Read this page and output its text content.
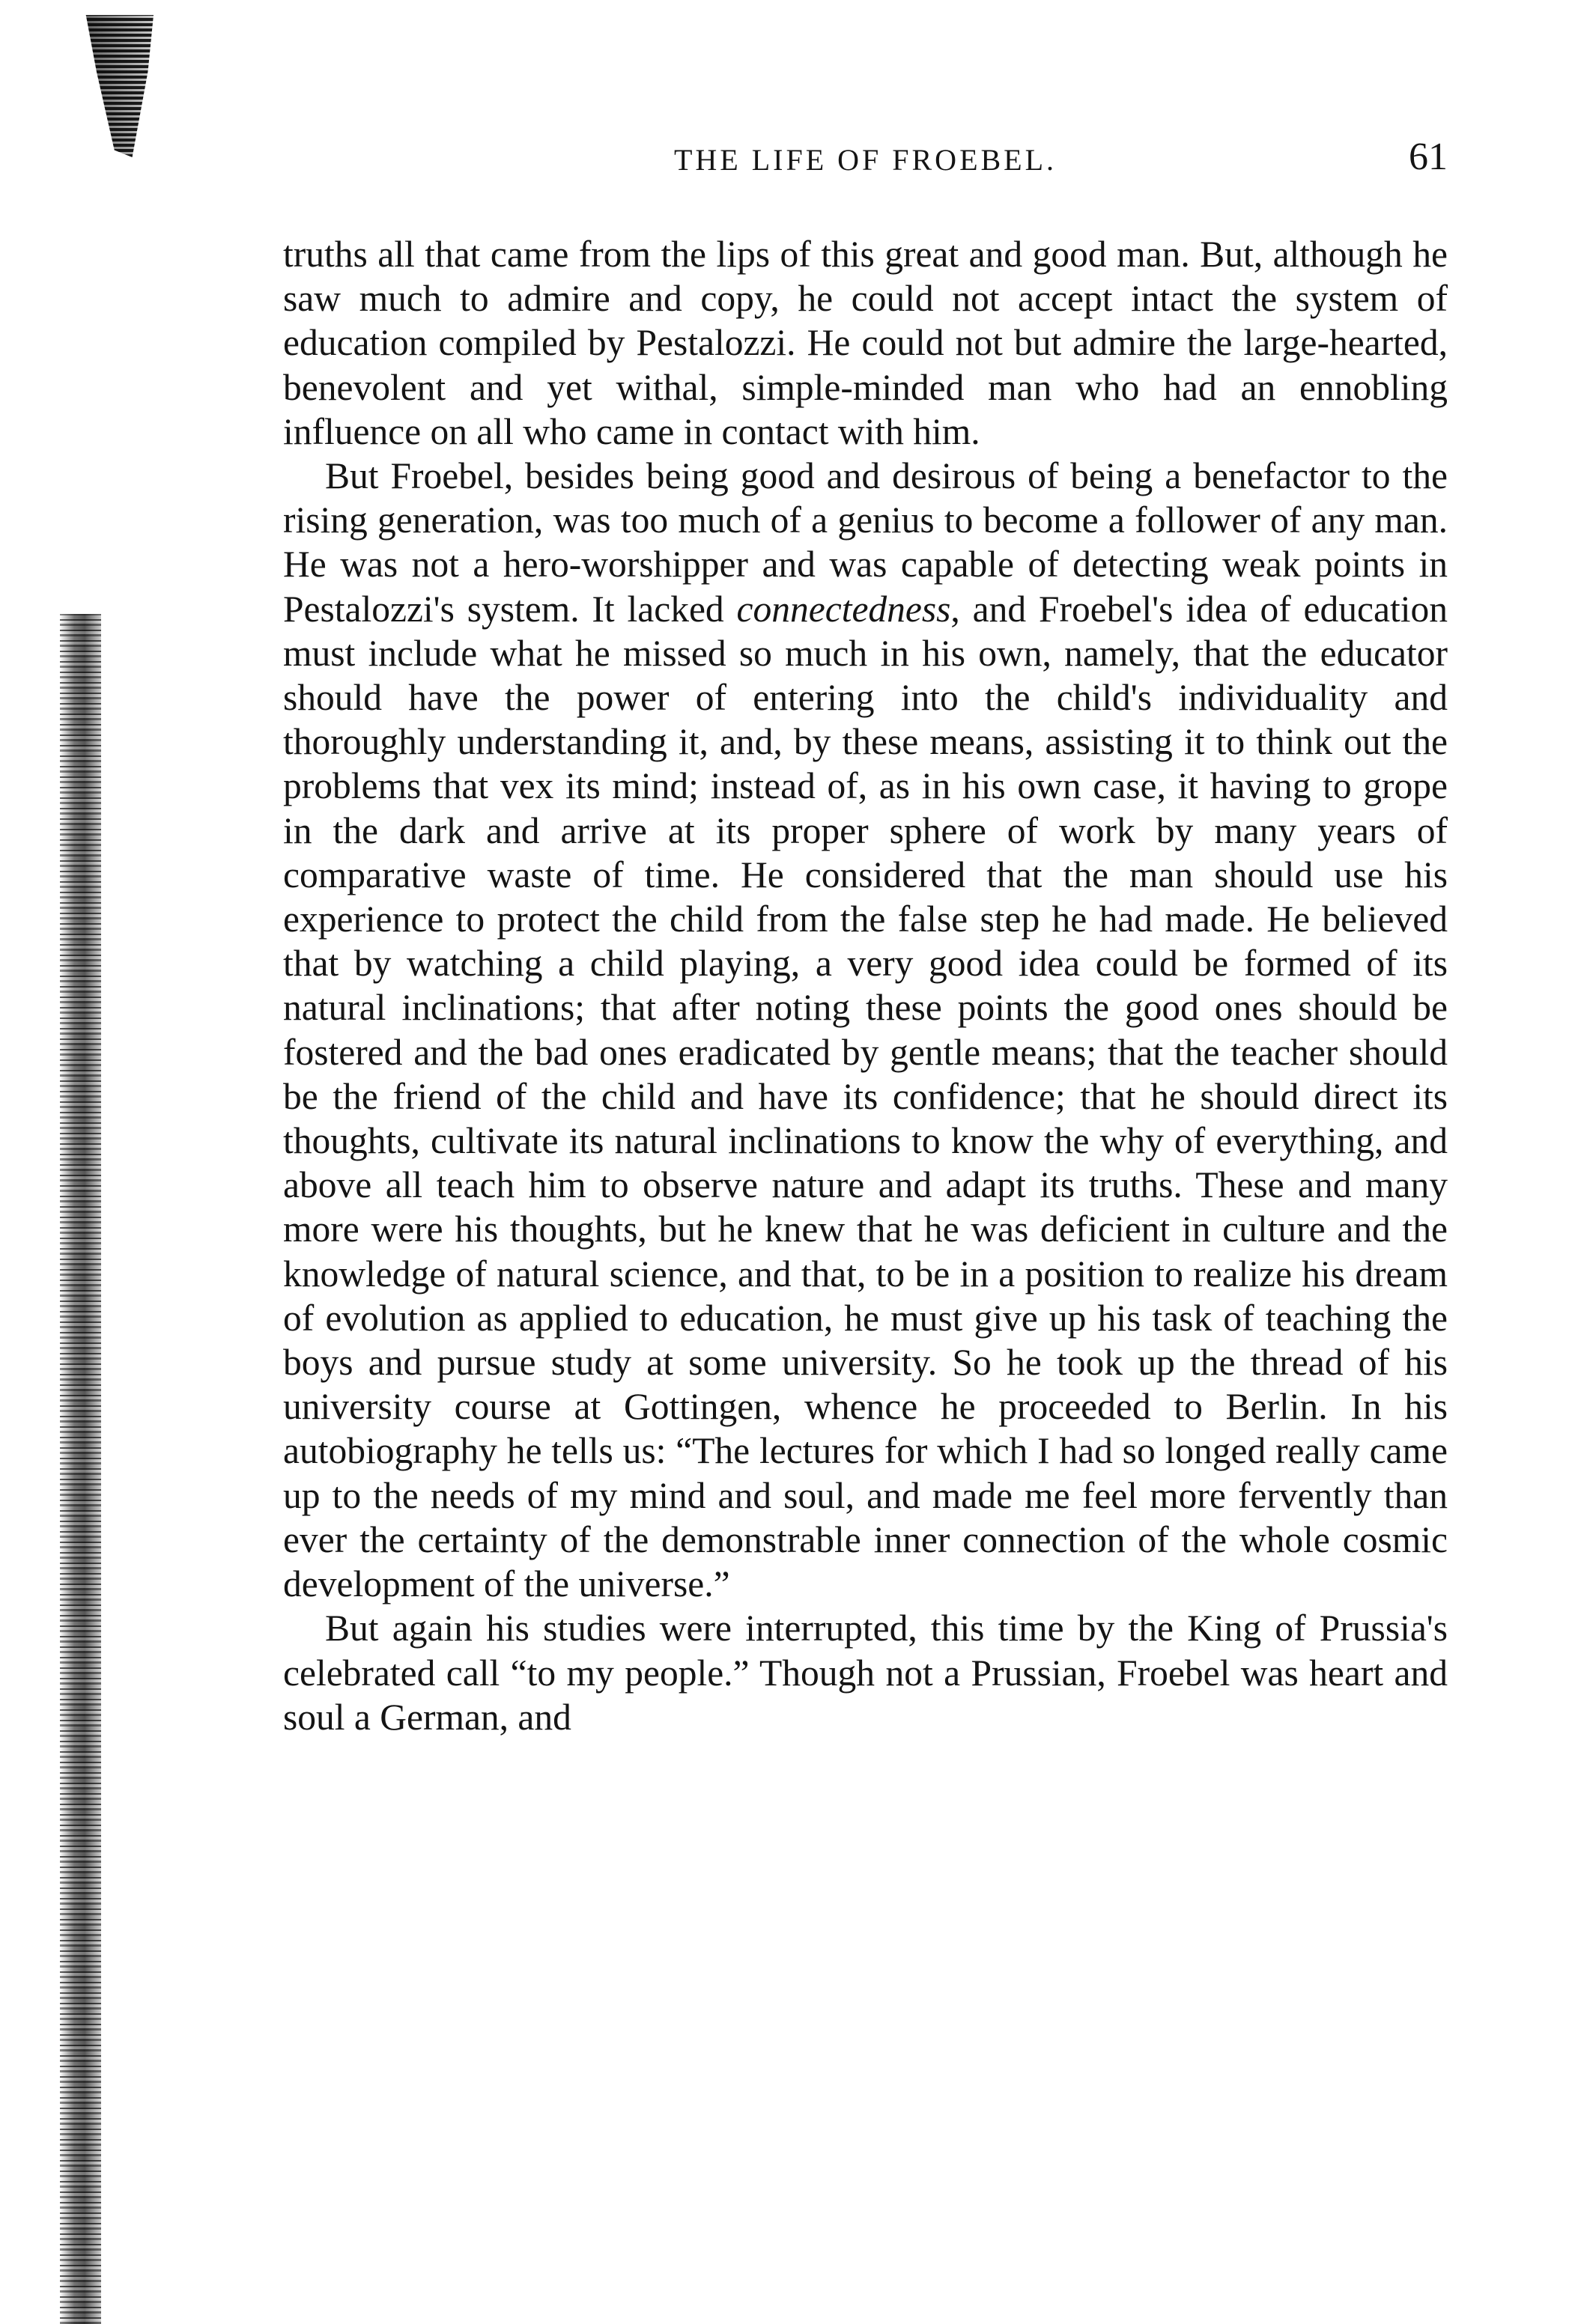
THE LIFE OF FROEBEL.	61

truths all that came from the lips of this great and good man. But, although he saw much to admire and copy, he could not accept intact the system of education compiled by Pestalozzi. He could not but admire the large-hearted, benevolent and yet withal, simple-minded man who had an ennobling influence on all who came in contact with him.

But Froebel, besides being good and desirous of being a benefactor to the rising generation, was too much of a genius to become a follower of any man. He was not a hero-worshipper and was capable of detecting weak points in Pestalozzi's system. It lacked connectedness, and Froebel's idea of education must include what he missed so much in his own, namely, that the educator should have the power of entering into the child's individuality and thoroughly understanding it, and, by these means, assisting it to think out the problems that vex its mind; instead of, as in his own case, it having to grope in the dark and arrive at its proper sphere of work by many years of comparative waste of time. He considered that the man should use his experience to protect the child from the false step he had made. He believed that by watching a child playing, a very good idea could be formed of its natural inclinations; that after noting these points the good ones should be fostered and the bad ones eradicated by gentle means; that the teacher should be the friend of the child and have its confidence; that he should direct its thoughts, cultivate its natural inclinations to know the why of everything, and above all teach him to observe nature and adapt its truths. These and many more were his thoughts, but he knew that he was deficient in culture and the knowledge of natural science, and that, to be in a position to realize his dream of evolution as applied to education, he must give up his task of teaching the boys and pursue study at some university. So he took up the thread of his university course at Gottingen, whence he proceeded to Berlin. In his autobiography he tells us: “The lectures for which I had so longed really came up to the needs of my mind and soul, and made me feel more fervently than ever the certainty of the demonstrable inner connection of the whole cosmic development of the universe.”

But again his studies were interrupted, this time by the King of Prussia's celebrated call “to my people.” Though not a Prussian, Froebel was heart and soul a German, and
